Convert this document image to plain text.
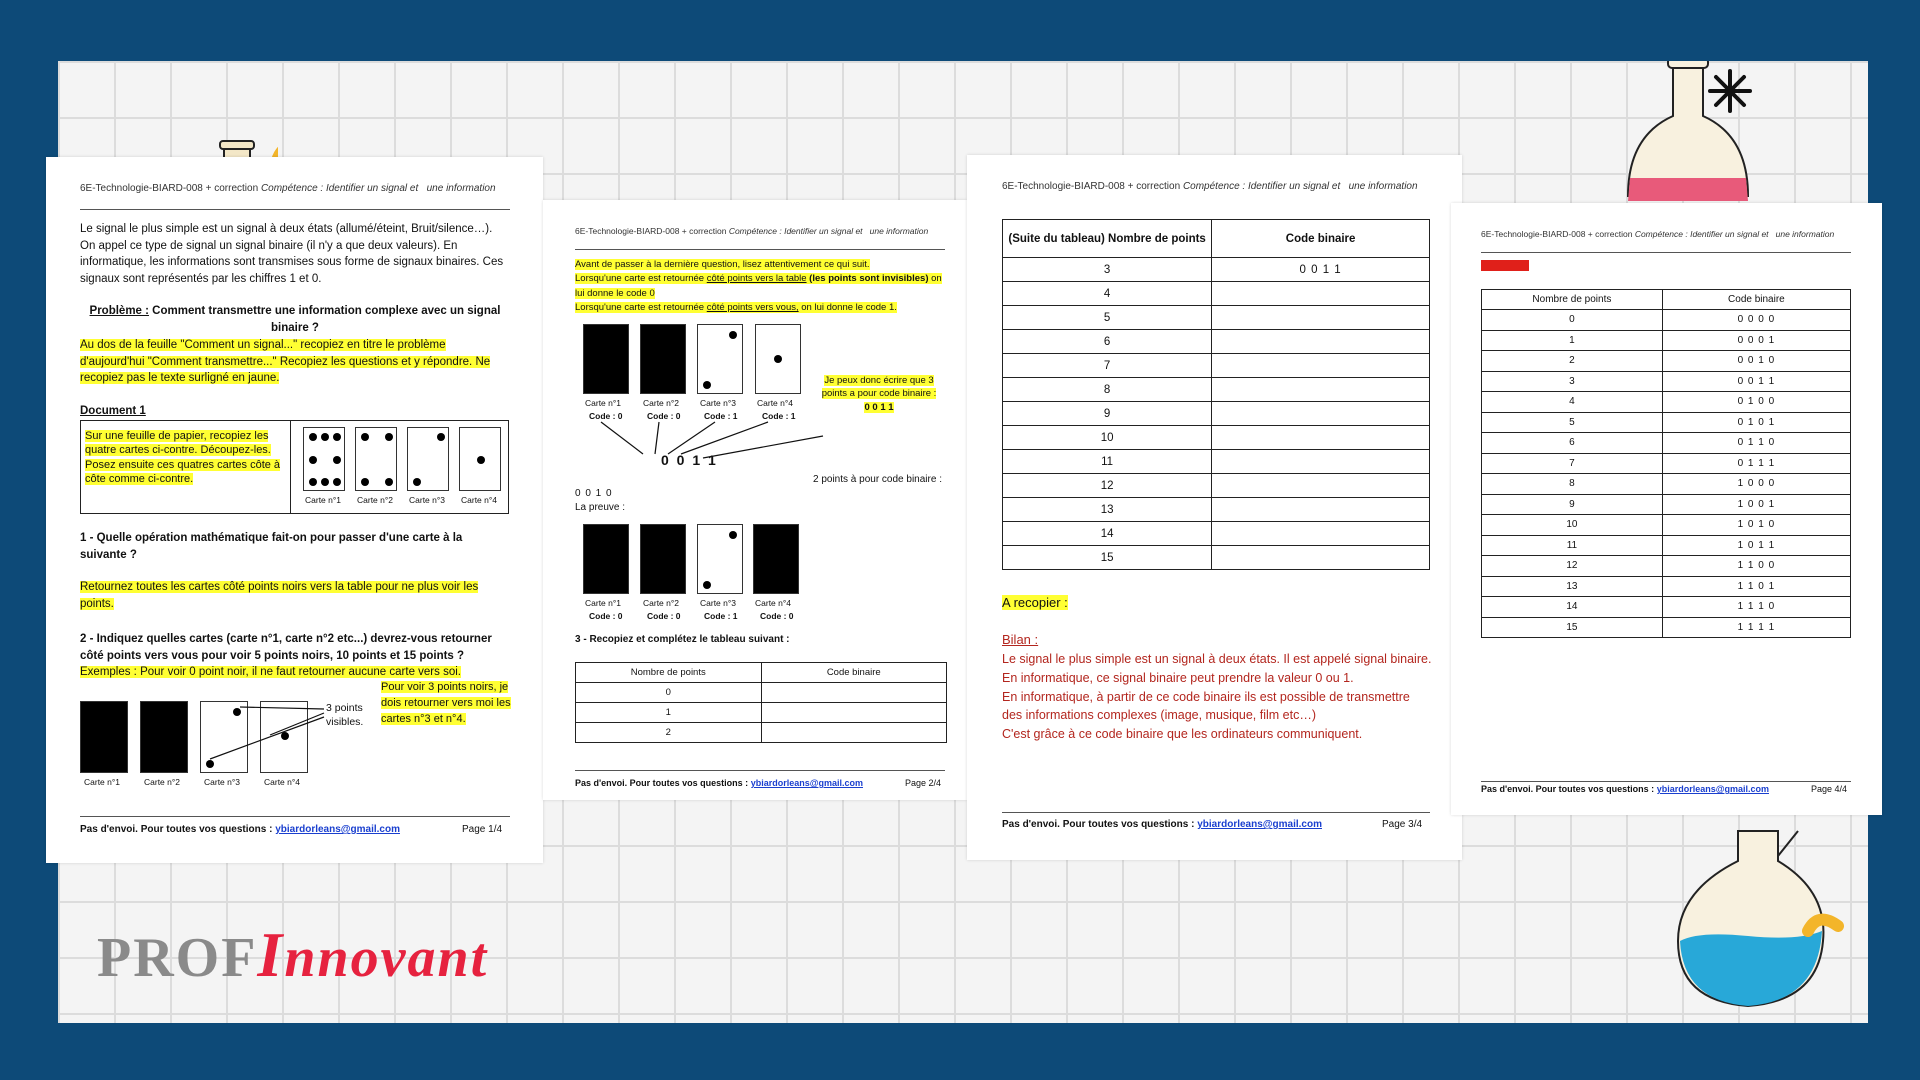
PROFInnovant
6E-Technologie-BIARD-008 + correction Compétence : Identifier un signal et une information
Le signal le plus simple est un signal à deux états (allumé/éteint, Bruit/silence…). On appel ce type de signal un signal binaire (il n'y a que deux valeurs). En informatique, les informations sont transmises sous forme de signaux binaires. Ces signaux sont représentés par les chiffres 1 et 0.
Problème : Comment transmettre une information complexe avec un signal binaire ?
Au dos de la feuille "Comment un signal..." recopiez en titre le problème d'aujourd'hui "Comment transmettre..." Recopiez les questions et y répondre. Ne recopiez pas le texte surligné en jaune.
Document 1
Sur une feuille de papier, recopiez les quatre cartes ci-contre. Découpez-les. Posez ensuite ces quatres cartes côte à côte comme ci-contre.
Carte n°1 Carte n°2 Carte n°3 Carte n°4
1 - Quelle opération mathématique fait-on pour passer d'une carte à la suivante ?
Retournez toutes les cartes côté points noirs vers la table pour ne plus voir les points.
2 - Indiquez quelles cartes (carte n°1, carte n°2 etc...) devrez-vous retourner côté points vers vous pour voir 5 points noirs, 10 points et 15 points ?
Exemples : Pour voir 0 point noir, il ne faut retourner aucune carte vers soi.
3 points visibles.
Pour voir 3 points noirs, je dois retourner vers moi les cartes n°3 et n°4.
Carte n°1	Carte n°2	Carte n°3	Carte n°4
Pas d'envoi. Pour toutes vos questions : ybiardorleans@gmail.com	Page 1/4
6E-Technologie-BIARD-008 + correction Compétence : Identifier un signal et une information
Avant de passer à la dernière question, lisez attentivement ce qui suit.
Lorsqu'une carte est retournée côté points vers la table (les points sont invisibles) on lui donne le code 0
Lorsqu'une carte est retournée côté points vers vous, on lui donne le code 1.
Carte n°1	Carte n°2 Carte n°3 Carte n°4
Code : 0	Code : 0	Code : 1	Code : 1
0 0 1 1
Je peux donc écrire que 3 points a pour code binaire :
0 0 1 1
2 points à pour code binaire :
0 0 1 0
La preuve :
Carte n°1	Carte n°2 Carte n°3 Carte n°4
Code : 0	Code : 0	Code : 1	Code : 0
3 - Recopiez et complétez le tableau suivant :
Nombre de points	Code binaire
0	
1	
2	
Pas d'envoi. Pour toutes vos questions : ybiardorleans@gmail.com	Page 2/4
6E-Technologie-BIARD-008 + correction Compétence : Identifier un signal et une information
(Suite du tableau) Nombre de points	Code binaire
3	0 0 1 1
4	
5	
6	
7	
8	
9	
10	
11	
12	
13	
14	
15	
A recopier :
Bilan :
Le signal le plus simple est un signal à deux états. Il est appelé signal binaire.
En informatique, ce signal binaire peut prendre la valeur 0 ou 1.
En informatique, à partir de ce code binaire ils est possible de transmettre des informations complexes (image, musique, film etc…)
C'est grâce à ce code binaire que les ordinateurs communiquent.
Pas d'envoi. Pour toutes vos questions : ybiardorleans@gmail.com	Page 3/4
6E-Technologie-BIARD-008 + correction Compétence : Identifier un signal et une information
Nombre de points	Code binaire
0	0 0 0 0
1	0 0 0 1
2	0 0 1 0
3	0 0 1 1
4	0 1 0 0
5	0 1 0 1
6	0 1 1 0
7	0 1 1 1
8	1 0 0 0
9	1 0 0 1
10	1 0 1 0
11	1 0 1 1
12	1 1 0 0
13	1 1 0 1
14	1 1 1 0
15	1 1 1 1
Pas d'envoi. Pour toutes vos questions : ybiardorleans@gmail.com	Page 4/4
